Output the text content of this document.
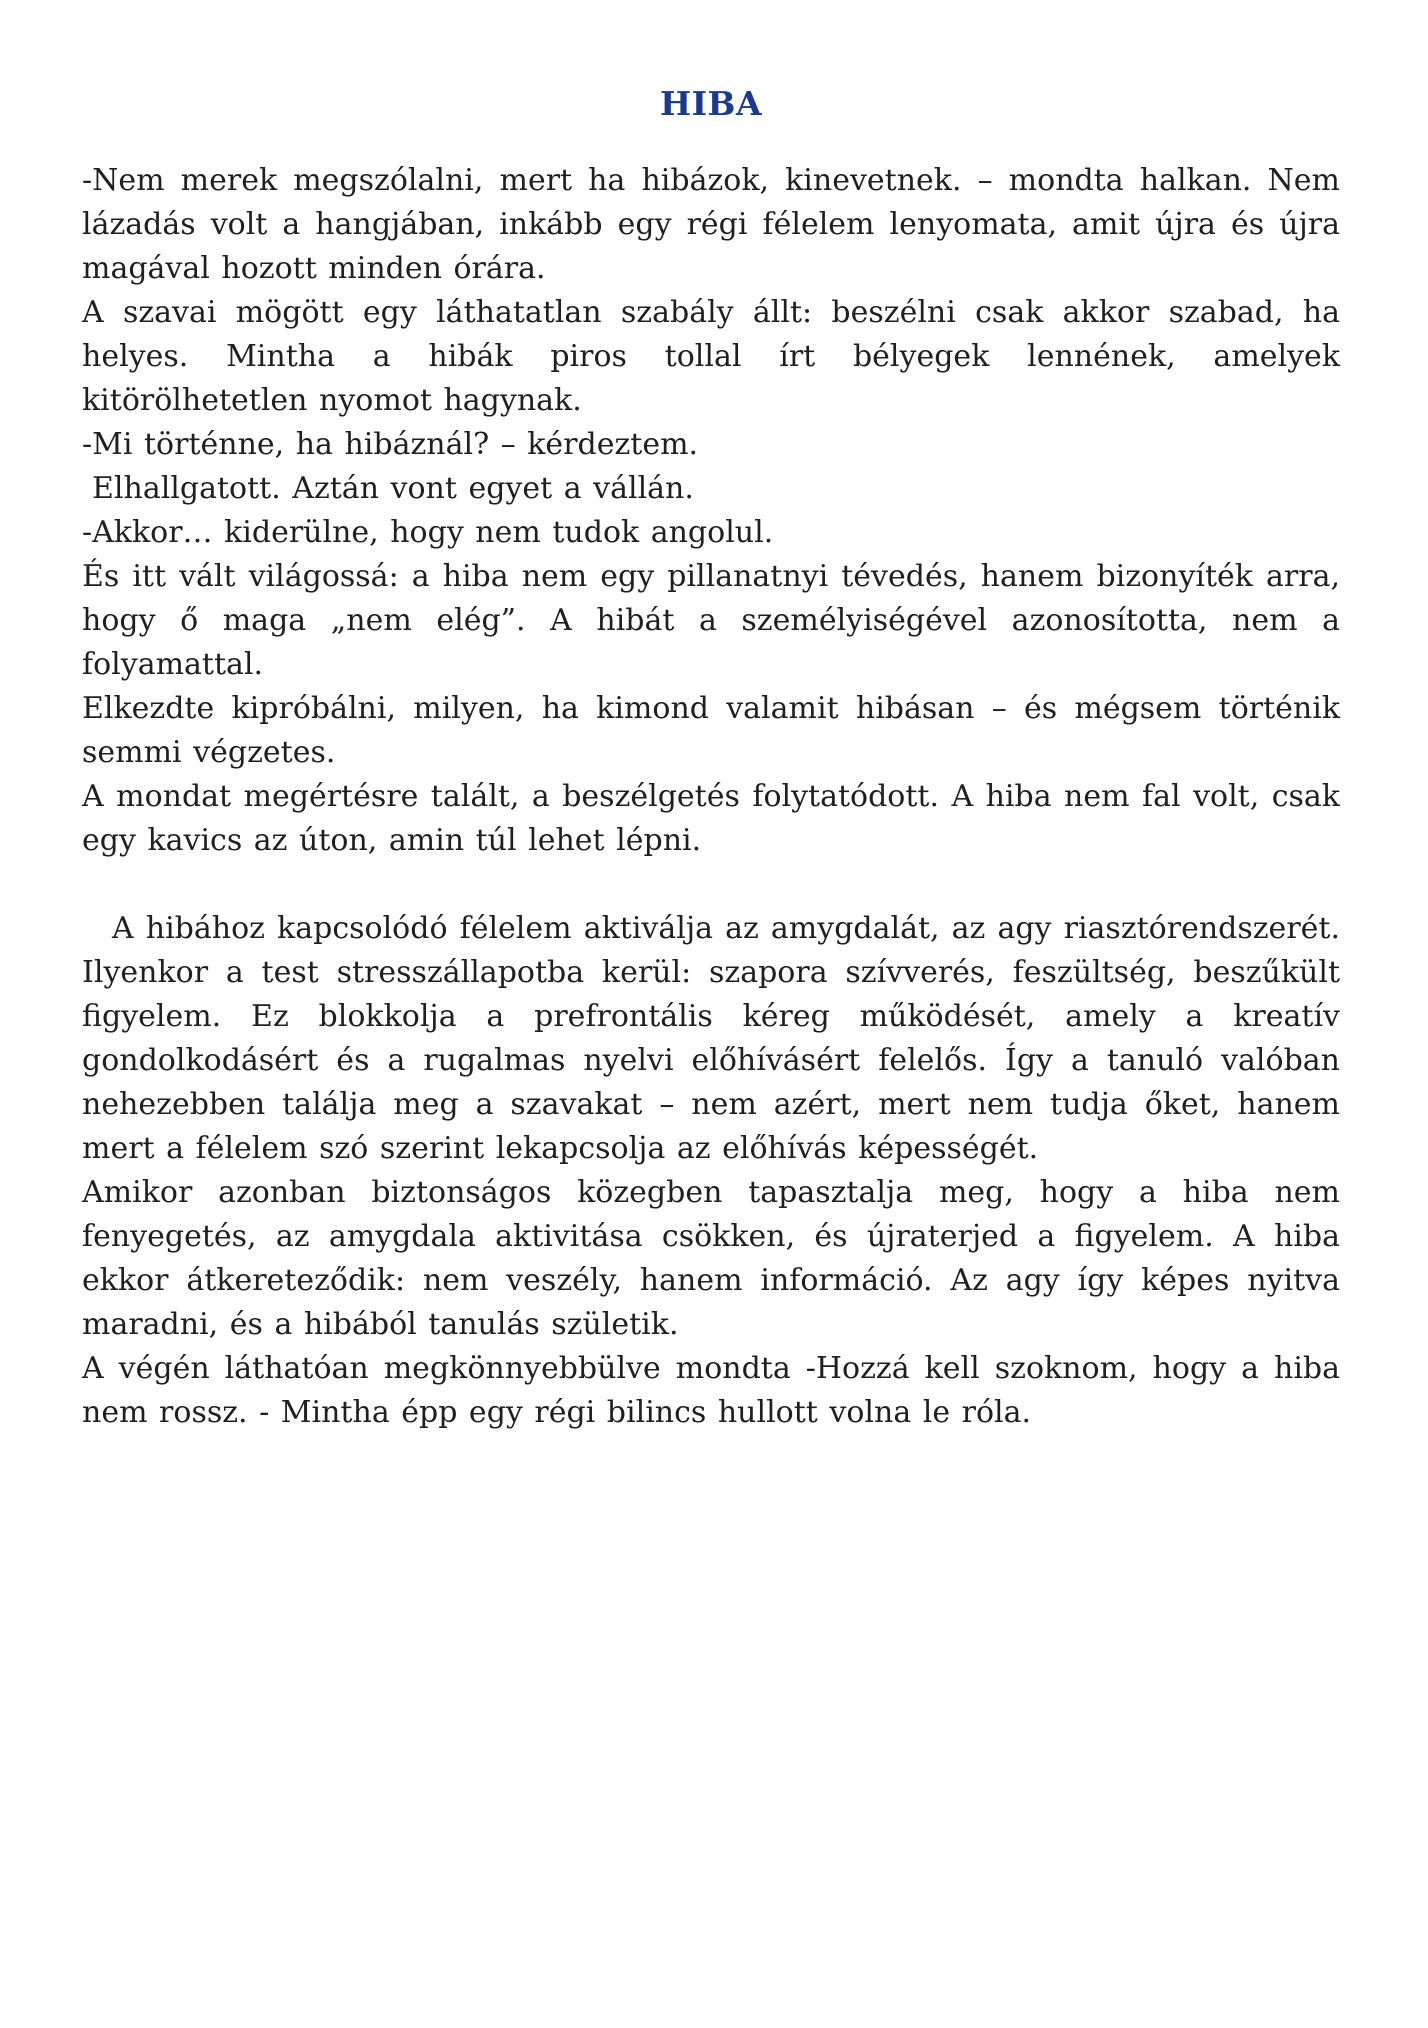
HIBA

-Nem merek megszólalni, mert ha hibázok, kinevetnek. – mondta halkan. Nem lázadás volt a hangjában, inkább egy régi félelem lenyomata, amit újra és újra magával hozott minden órára.

A szavai mögött egy láthatatlan szabály állt: beszélni csak akkor szabad, ha helyes. Mintha a hibák piros tollal írt bélyegek lennének, amelyek kitörölhetetlen nyomot hagynak.

-Mi történne, ha hibáznál? – kérdeztem.

Elhallgatott. Aztán vont egyet a vállán.

-Akkor… kiderülne, hogy nem tudok angolul.

És itt vált világossá: a hiba nem egy pillanatnyi tévedés, hanem bizonyíték arra, hogy ő maga „nem elég”. A hibát a személyiségével azonosította, nem a folyamattal.

Elkezdte kipróbálni, milyen, ha kimond valamit hibásan – és mégsem történik semmi végzetes.

A mondat megértésre talált, a beszélgetés folytatódott. A hiba nem fal volt, csak egy kavics az úton, amin túl lehet lépni.

A hibához kapcsolódó félelem aktiválja az amygdalát, az agy riasztórendszerét. Ilyenkor a test stresszállapotba kerül: szapora szívverés, feszültség, beszűkült figyelem. Ez blokkolja a prefrontális kéreg működését, amely a kreatív gondolkodásért és a rugalmas nyelvi előhívásért felelős. Így a tanuló valóban nehezebben találja meg a szavakat – nem azért, mert nem tudja őket, hanem mert a félelem szó szerint lekapcsolja az előhívás képességét.

Amikor azonban biztonságos közegben tapasztalja meg, hogy a hiba nem fenyegetés, az amygdala aktivitása csökken, és újraterjed a figyelem. A hiba ekkor átkereteződik: nem veszély, hanem információ. Az agy így képes nyitva maradni, és a hibából tanulás születik.

A végén láthatóan megkönnyebbülve mondta -Hozzá kell szoknom, hogy a hiba nem rossz. - Mintha épp egy régi bilincs hullott volna le róla.
